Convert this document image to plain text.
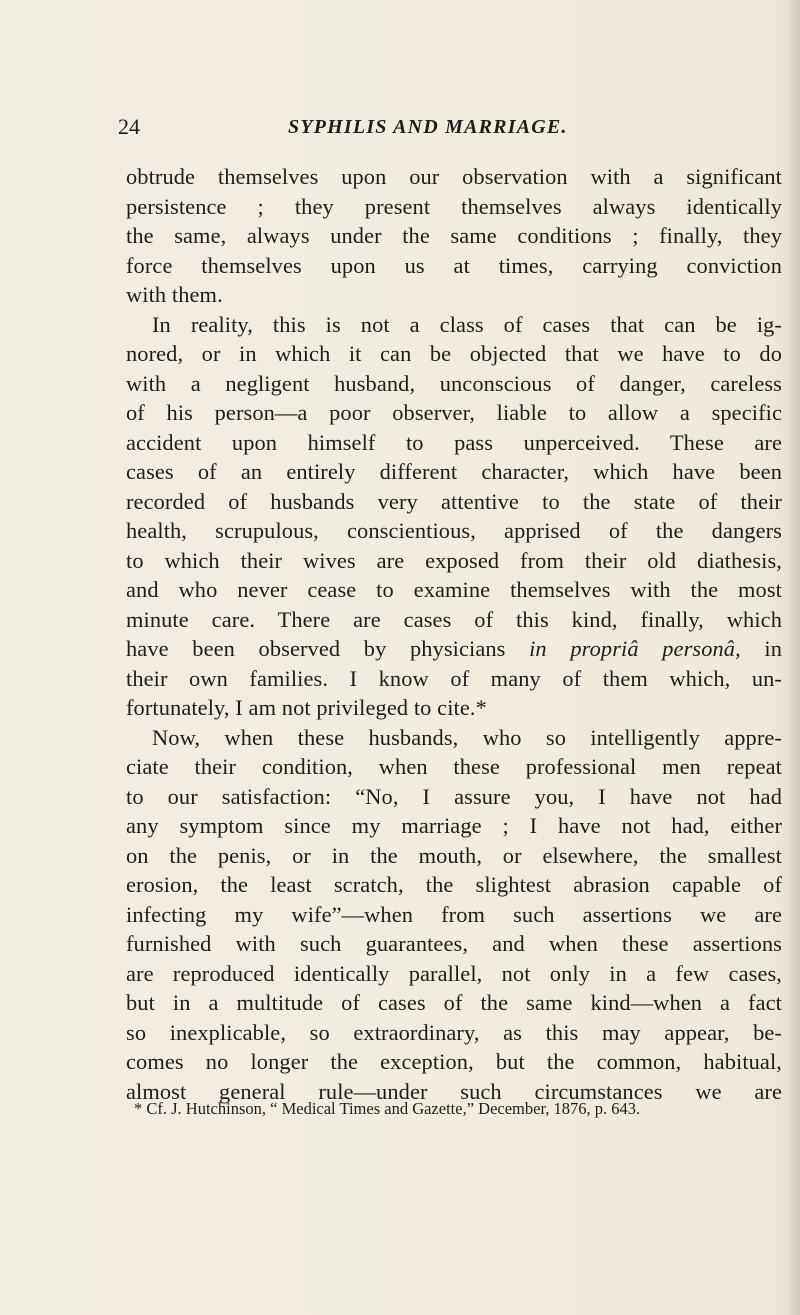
24	SYPHILIS AND MARRIAGE.
obtrude themselves upon our observation with a significant
persistence ; they present themselves always identically
the same, always under the same conditions ; finally, they
force themselves upon us at times, carrying conviction
with them.
In reality, this is not a class of cases that can be ig-
nored, or in which it can be objected that we have to do
with a negligent husband, unconscious of danger, careless
of his person—a poor observer, liable to allow a specific
accident upon himself to pass unperceived. These are
cases of an entirely different character, which have been
recorded of husbands very attentive to the state of their
health, scrupulous, conscientious, apprised of the dangers
to which their wives are exposed from their old diathesis,
and who never cease to examine themselves with the most
minute care. There are cases of this kind, finally, which
have been observed by physicians in propriâ personâ, in
their own families. I know of many of them which, un-
fortunately, I am not privileged to cite.*
Now, when these husbands, who so intelligently appre-
ciate their condition, when these professional men repeat
to our satisfaction: “No, I assure you, I have not had
any symptom since my marriage ; I have not had, either
on the penis, or in the mouth, or elsewhere, the smallest
erosion, the least scratch, the slightest abrasion capable of
infecting my wife”—when from such assertions we are
furnished with such guarantees, and when these assertions
are reproduced identically parallel, not only in a few cases,
but in a multitude of cases of the same kind—when a fact
so inexplicable, so extraordinary, as this may appear, be-
comes no longer the exception, but the common, habitual,
almost general rule—under such circumstances we are
* Cf. J. Hutchinson, “ Medical Times and Gazette,” December, 1876, p. 643.
